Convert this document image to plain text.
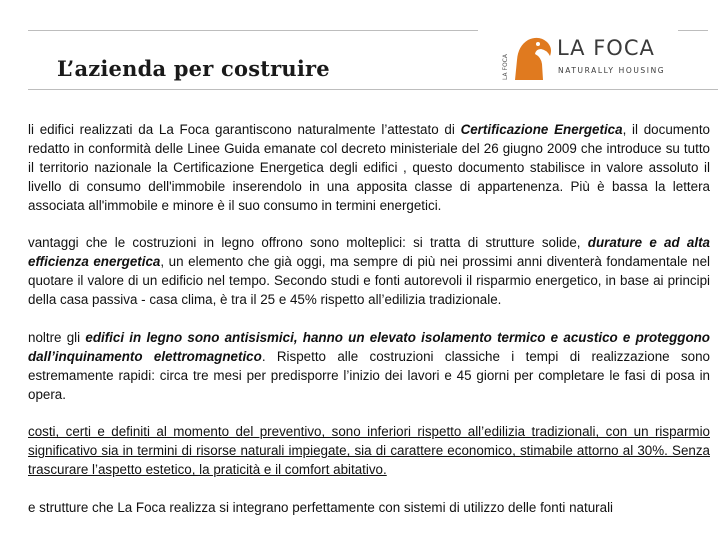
L’azienda per costruire	LA FOCA
LA FOCA
NATURALLY HOUSING

li edifici realizzati da La Foca garantiscono naturalmente l’attestato di Certificazione Energetica, il documento redatto in conformità delle Linee Guida emanate col decreto ministeriale del 26 giugno 2009 che introduce su tutto il territorio nazionale la Certificazione Energetica degli edifici , questo documento stabilisce in valore assoluto il livello di consumo dell'immobile inserendolo in una apposita classe di appartenenza. Più è bassa la lettera associata all'immobile e minore è il suo consumo in termini energetici.

vantaggi che le costruzioni in legno offrono sono molteplici: si tratta di strutture solide, durature e ad alta efficienza energetica, un elemento che già oggi, ma sempre di più nei prossimi anni diventerà fondamentale nel quotare il valore di un edificio nel tempo. Secondo studi e fonti autorevoli il risparmio energetico, in base ai principi della casa passiva - casa clima, è tra il 25 e 45% rispetto all’edilizia tradizionale.

noltre gli edifici in legno sono antisismici, hanno un elevato isolamento termico e acustico e proteggono dall’inquinamento elettromagnetico. Rispetto alle costruzioni classiche i tempi di realizzazione sono estremamente rapidi: circa tre mesi per predisporre l’inizio dei lavori e 45 giorni per completare le fasi di posa in opera.

costi, certi e definiti al momento del preventivo, sono inferiori rispetto all’edilizia tradizionali, con un risparmio significativo sia in termini di risorse naturali impiegate, sia di carattere economico, stimabile attorno al 30%. Senza trascurare l’aspetto estetico, la praticità e il comfort abitativo.

e strutture che La Foca realizza si integrano perfettamente con sistemi di utilizzo delle fonti naturali
